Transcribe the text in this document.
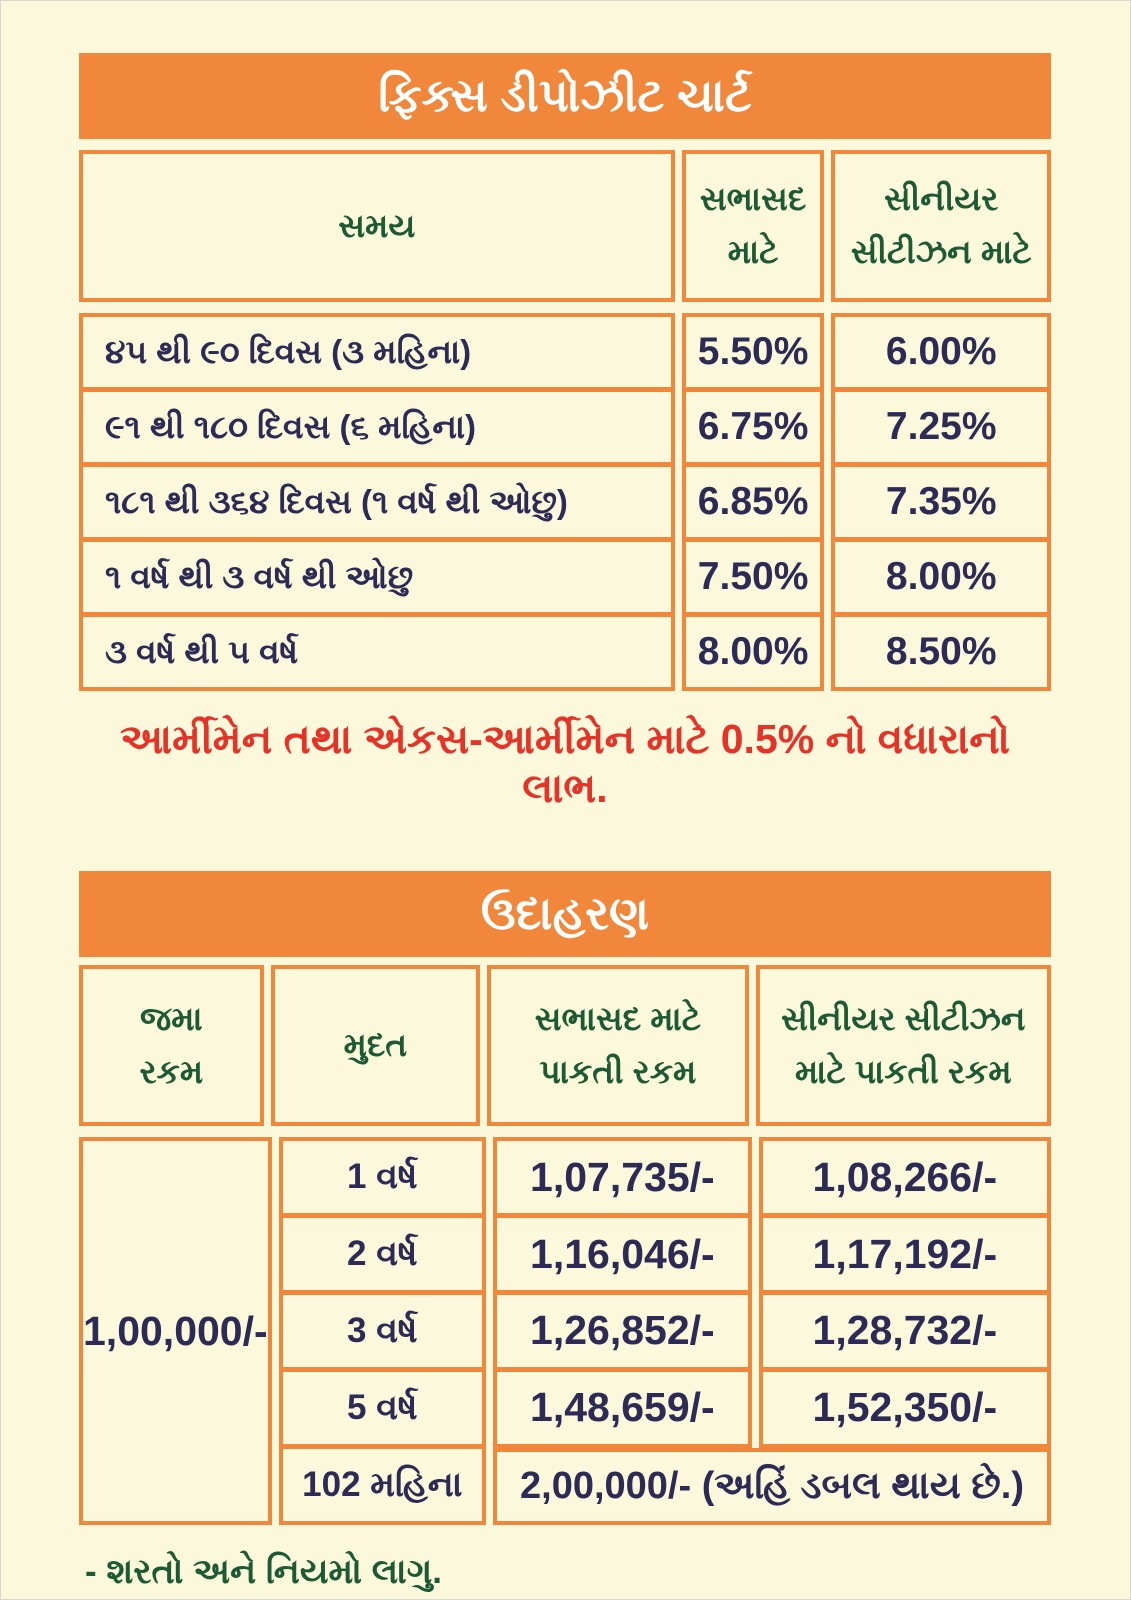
ફિક્સ ડીપોઝીટ ચાર્ટ
સમય
સભાસદ
માટે
સીનીયર
સીટીઝન માટે
૪૫ થી ૯૦ દિવસ (૩ મહિના)
૯૧ થી ૧૮૦ દિવસ (૬ મહિના)
૧૮૧ થી ૩૬૪ દિવસ (૧ વર્ષ થી ઓછુ)
૧ વર્ષ થી ૩ વર્ષ થી ઓછુ
૩ વર્ષ થી ૫ વર્ષ
5.50%
6.75%
6.85%
7.50%
8.00%
6.00%
7.25%
7.35%
8.00%
8.50%
આર્મીમેન તથા એકસ-આર્મીમેન માટે 0.5% નો વધારાનો લાભ.
ઉદાહરણ
જમા
રકમ
મુદત
સભાસદ માટે
પાકતી રકમ
સીનીયર સીટીઝન
માટે પાકતી રકમ
1,00,000/-
1 વર્ષ
2 વર્ષ
3 વર્ષ
5 વર્ષ
102 મહિના
1,07,735/-
1,16,046/-
1,26,852/-
1,48,659/-
1,08,266/-
1,17,192/-
1,28,732/-
1,52,350/-
2,00,000/- (અહિં ડબલ થાય છે.)
- શરતો અને નિયમો લાગુ.
